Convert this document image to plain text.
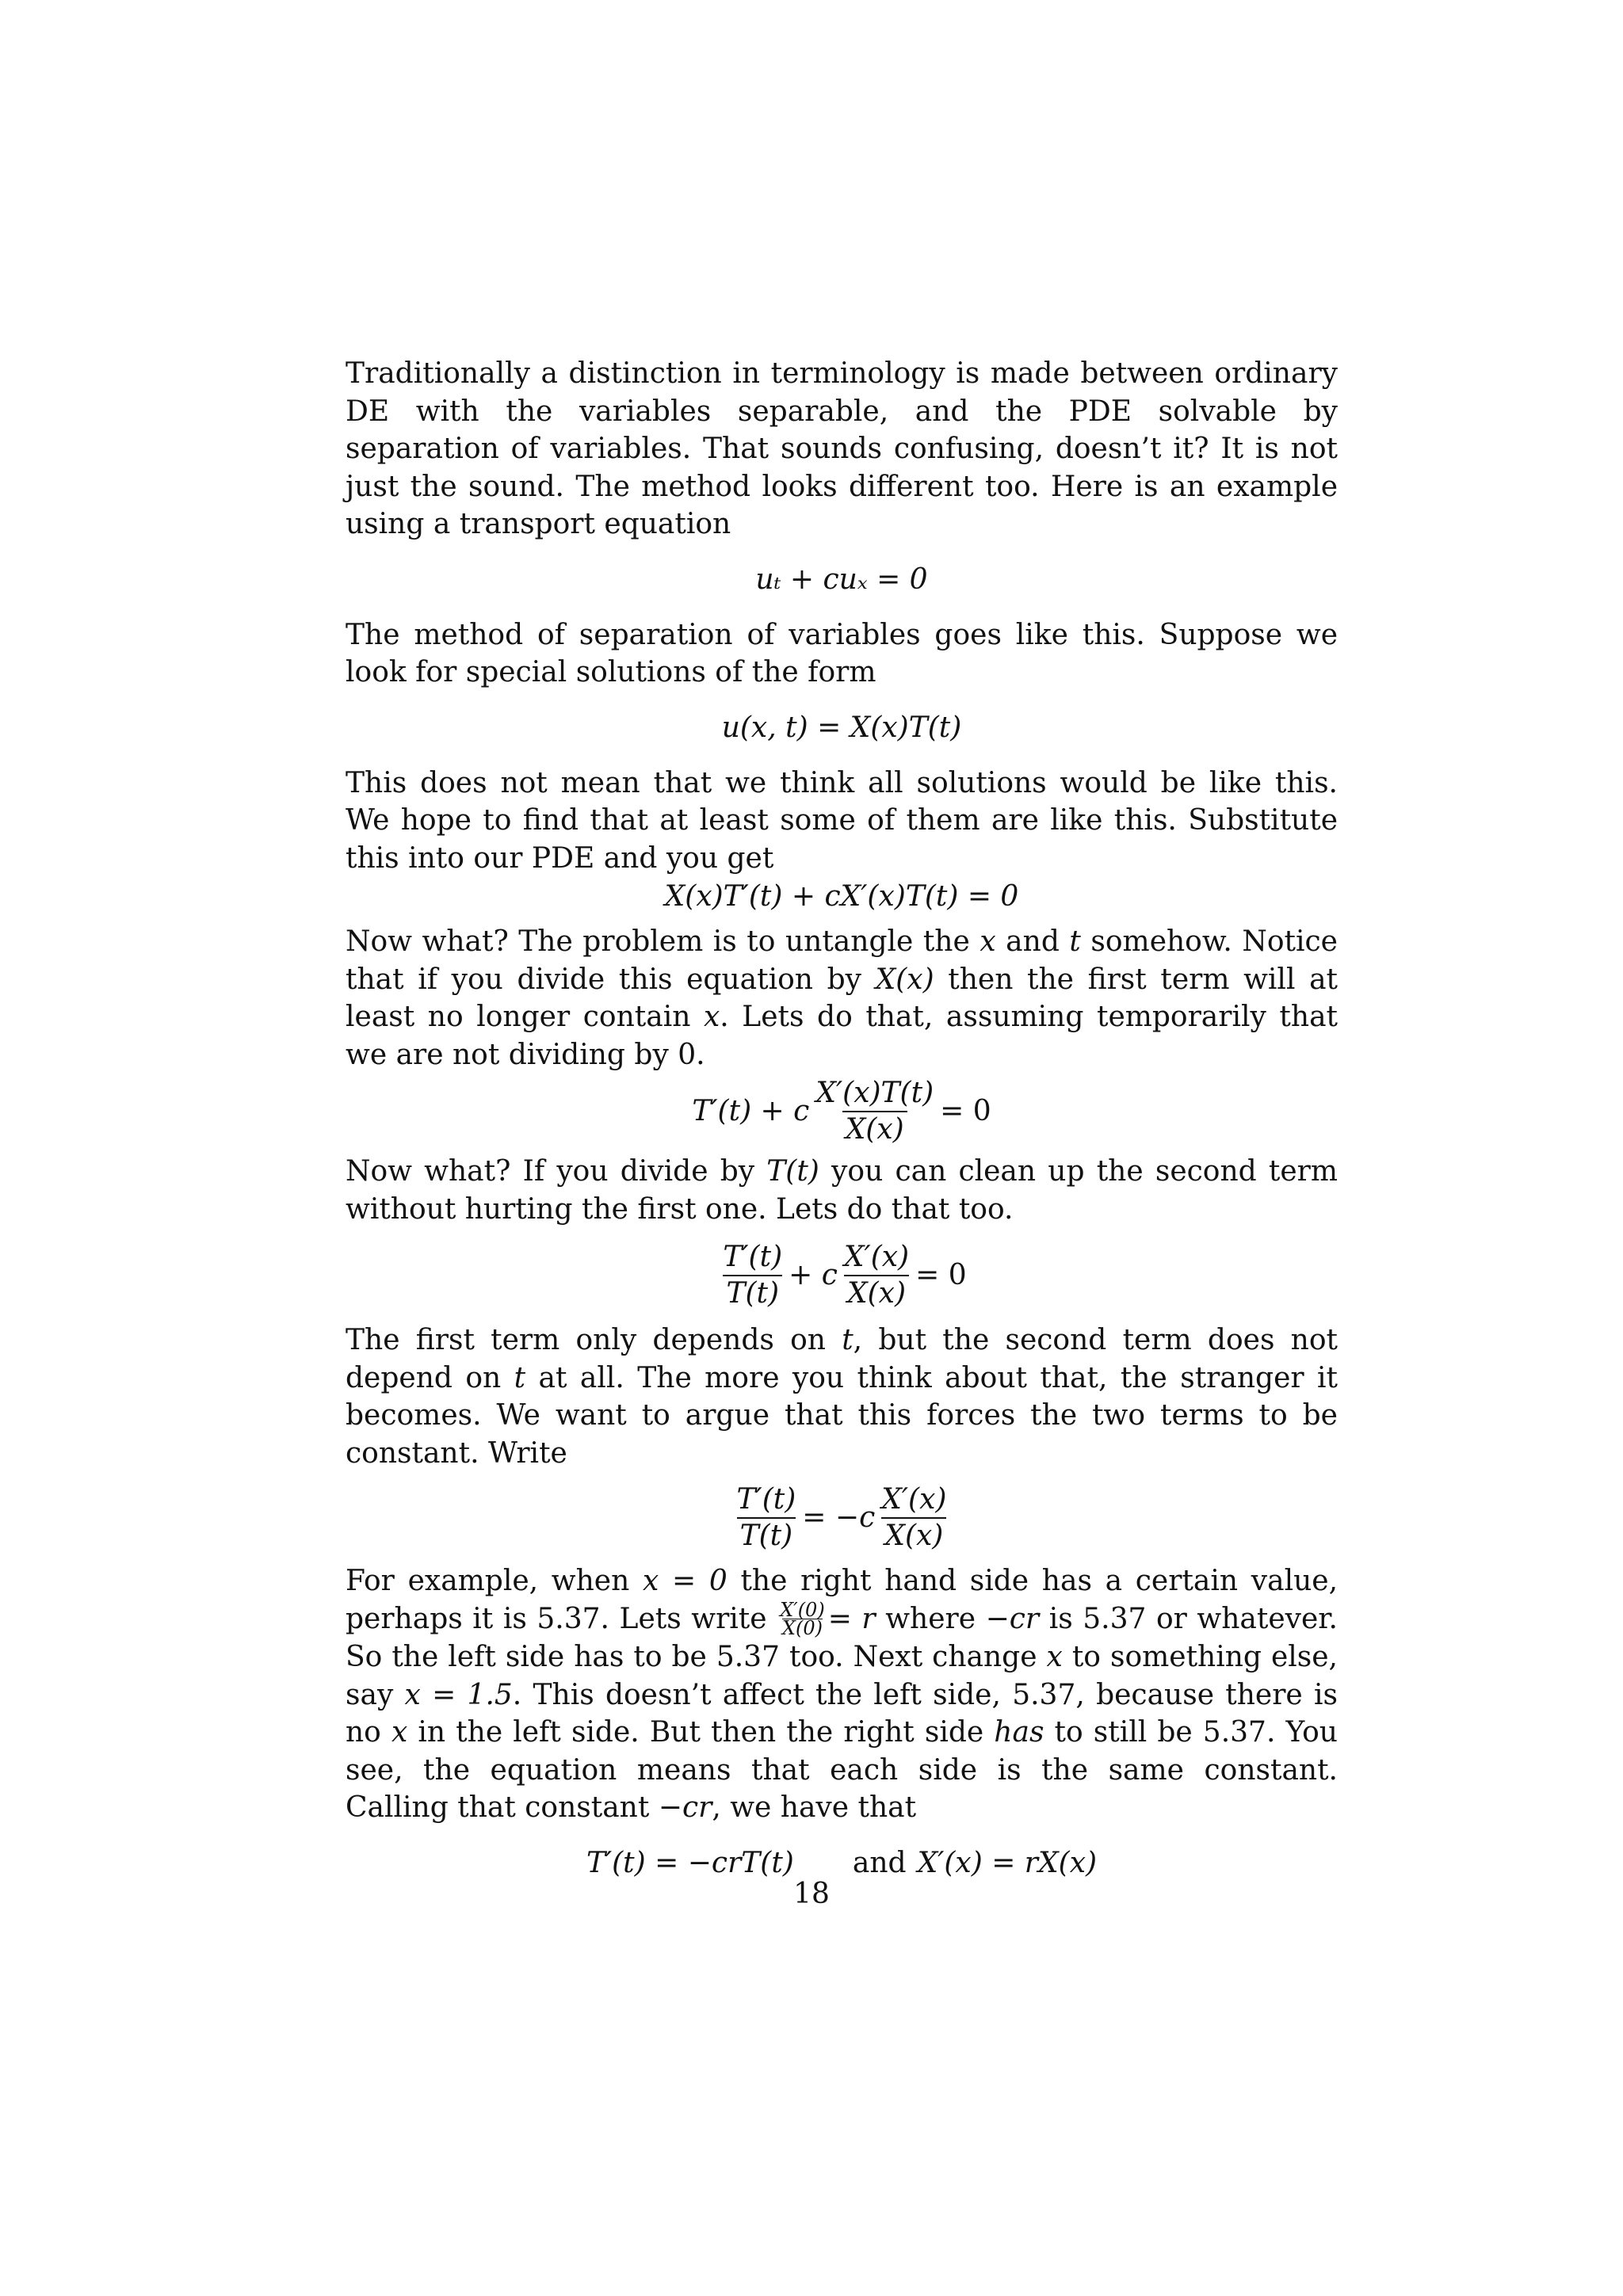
Traditionally a distinction in terminology is made between ordinary DE with the variables separable, and the PDE solvable by separation of variables. That sounds confusing, doesn’t it? It is not just the sound. The method looks different too. Here is an example using a transport equation

uₜ + cuₓ = 0

The method of separation of variables goes like this. Suppose we look for special solutions of the form

u(x, t) = X(x)T(t)

This does not mean that we think all solutions would be like this. We hope to find that at least some of them are like this. Substitute this into our PDE and you get

X(x)T′(t) + cX′(x)T(t) = 0

Now what? The problem is to untangle the x and t somehow. Notice that if you divide this equation by X(x) then the first term will at least no longer contain x. Lets do that, assuming temporarily that we are not dividing by 0.

T′(t) + c $\frac{X'(x)T(t)}{X(x)} = 0$

Now what? If you divide by T(t) you can clean up the second term without hurting the first one. Lets do that too.

$\frac{T'(t)}{T(t)} + c \frac{X'(x)}{X(x)} = 0$

The first term only depends on t, but the second term does not depend on t at all. The more you think about that, the stranger it becomes. We want to argue that this forces the two terms to be constant. Write

$\frac{T'(t)}{T(t)} = -c \frac{X'(x)}{X(x)}$

For example, when x = 0 the right hand side has a certain value, perhaps it is 5.37. Lets write $\frac{X'(0)}{X(0)} = r$ where −cr is 5.37 or whatever. So the left side has to be 5.37 too. Next change x to something else, say x = 1.5. This doesn’t affect the left side, 5.37, because there is no x in the left side. But then the right side has to still be 5.37. You see, the equation means that each side is the same constant. Calling that constant −cr, we have that

T′(t) = −crT(t) and X′(x) = rX(x)
18
